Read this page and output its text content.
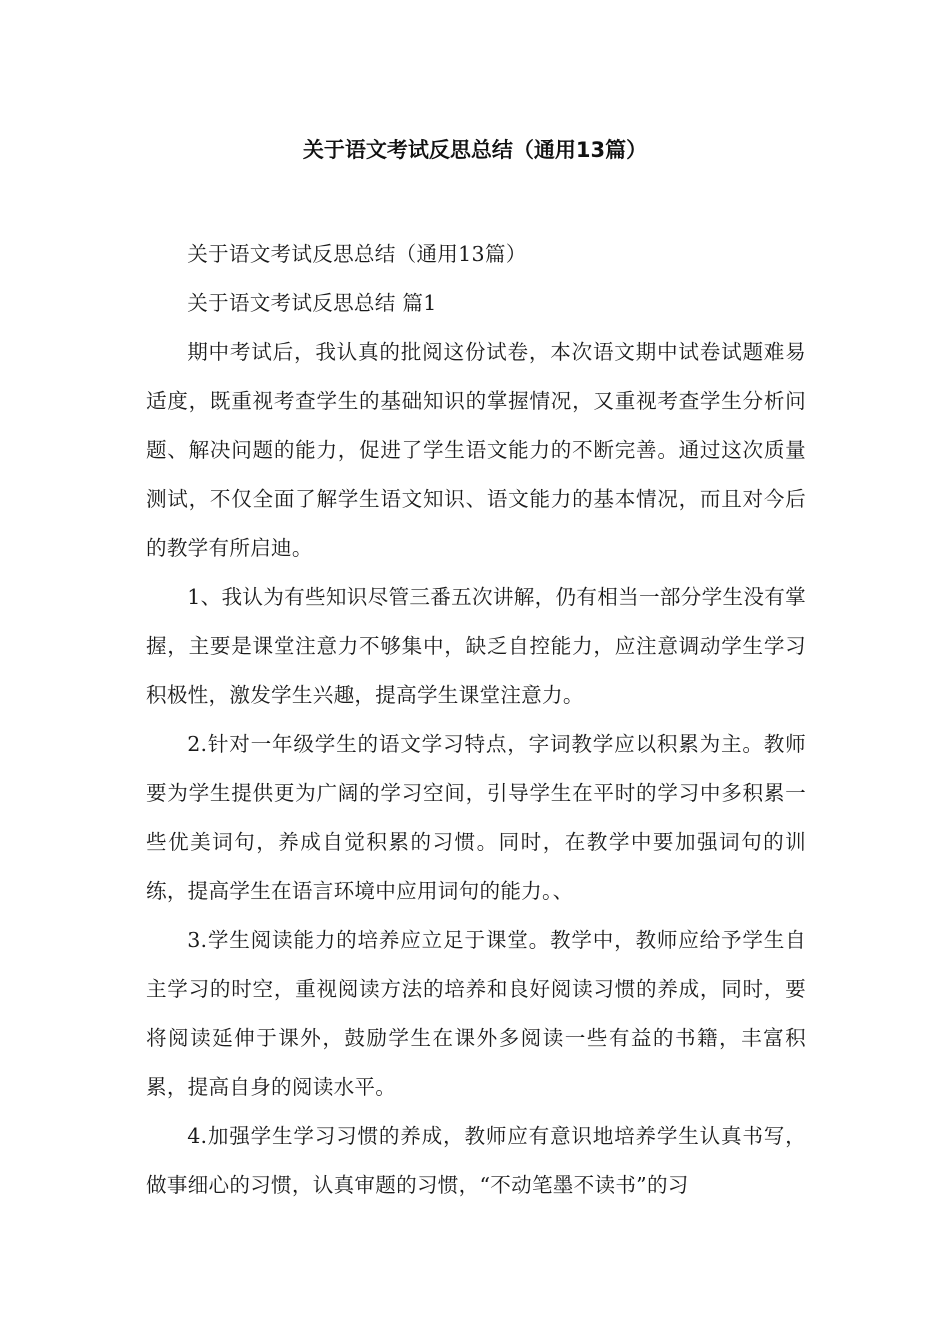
关于语文考试反思总结（通用13篇）

关于语文考试反思总结（通用13篇）

关于语文考试反思总结 篇1

期中考试后，我认真的批阅这份试卷，本次语文期中试卷试题难易适度，既重视考查学生的基础知识的掌握情况，又重视考查学生分析问题、解决问题的能力，促进了学生语文能力的不断完善。通过这次质量测试，不仅全面了解学生语文知识、语文能力的基本情况，而且对今后的教学有所启迪。

1、我认为有些知识尽管三番五次讲解，仍有相当一部分学生没有掌握，主要是课堂注意力不够集中，缺乏自控能力，应注意调动学生学习积极性，激发学生兴趣，提高学生课堂注意力。

2.针对一年级学生的语文学习特点，字词教学应以积累为主。教师要为学生提供更为广阔的学习空间，引导学生在平时的学习中多积累一些优美词句，养成自觉积累的习惯。同时，在教学中要加强词句的训练，提高学生在语言环境中应用词句的能力。、

3.学生阅读能力的培养应立足于课堂。教学中，教师应给予学生自主学习的时空，重视阅读方法的培养和良好阅读习惯的养成，同时，要将阅读延伸于课外，鼓励学生在课外多阅读一些有益的书籍，丰富积累，提高自身的阅读水平。

4.加强学生学习习惯的养成，教师应有意识地培养学生认真书写，做事细心的习惯，认真审题的习惯，“不动笔墨不读书”的习
